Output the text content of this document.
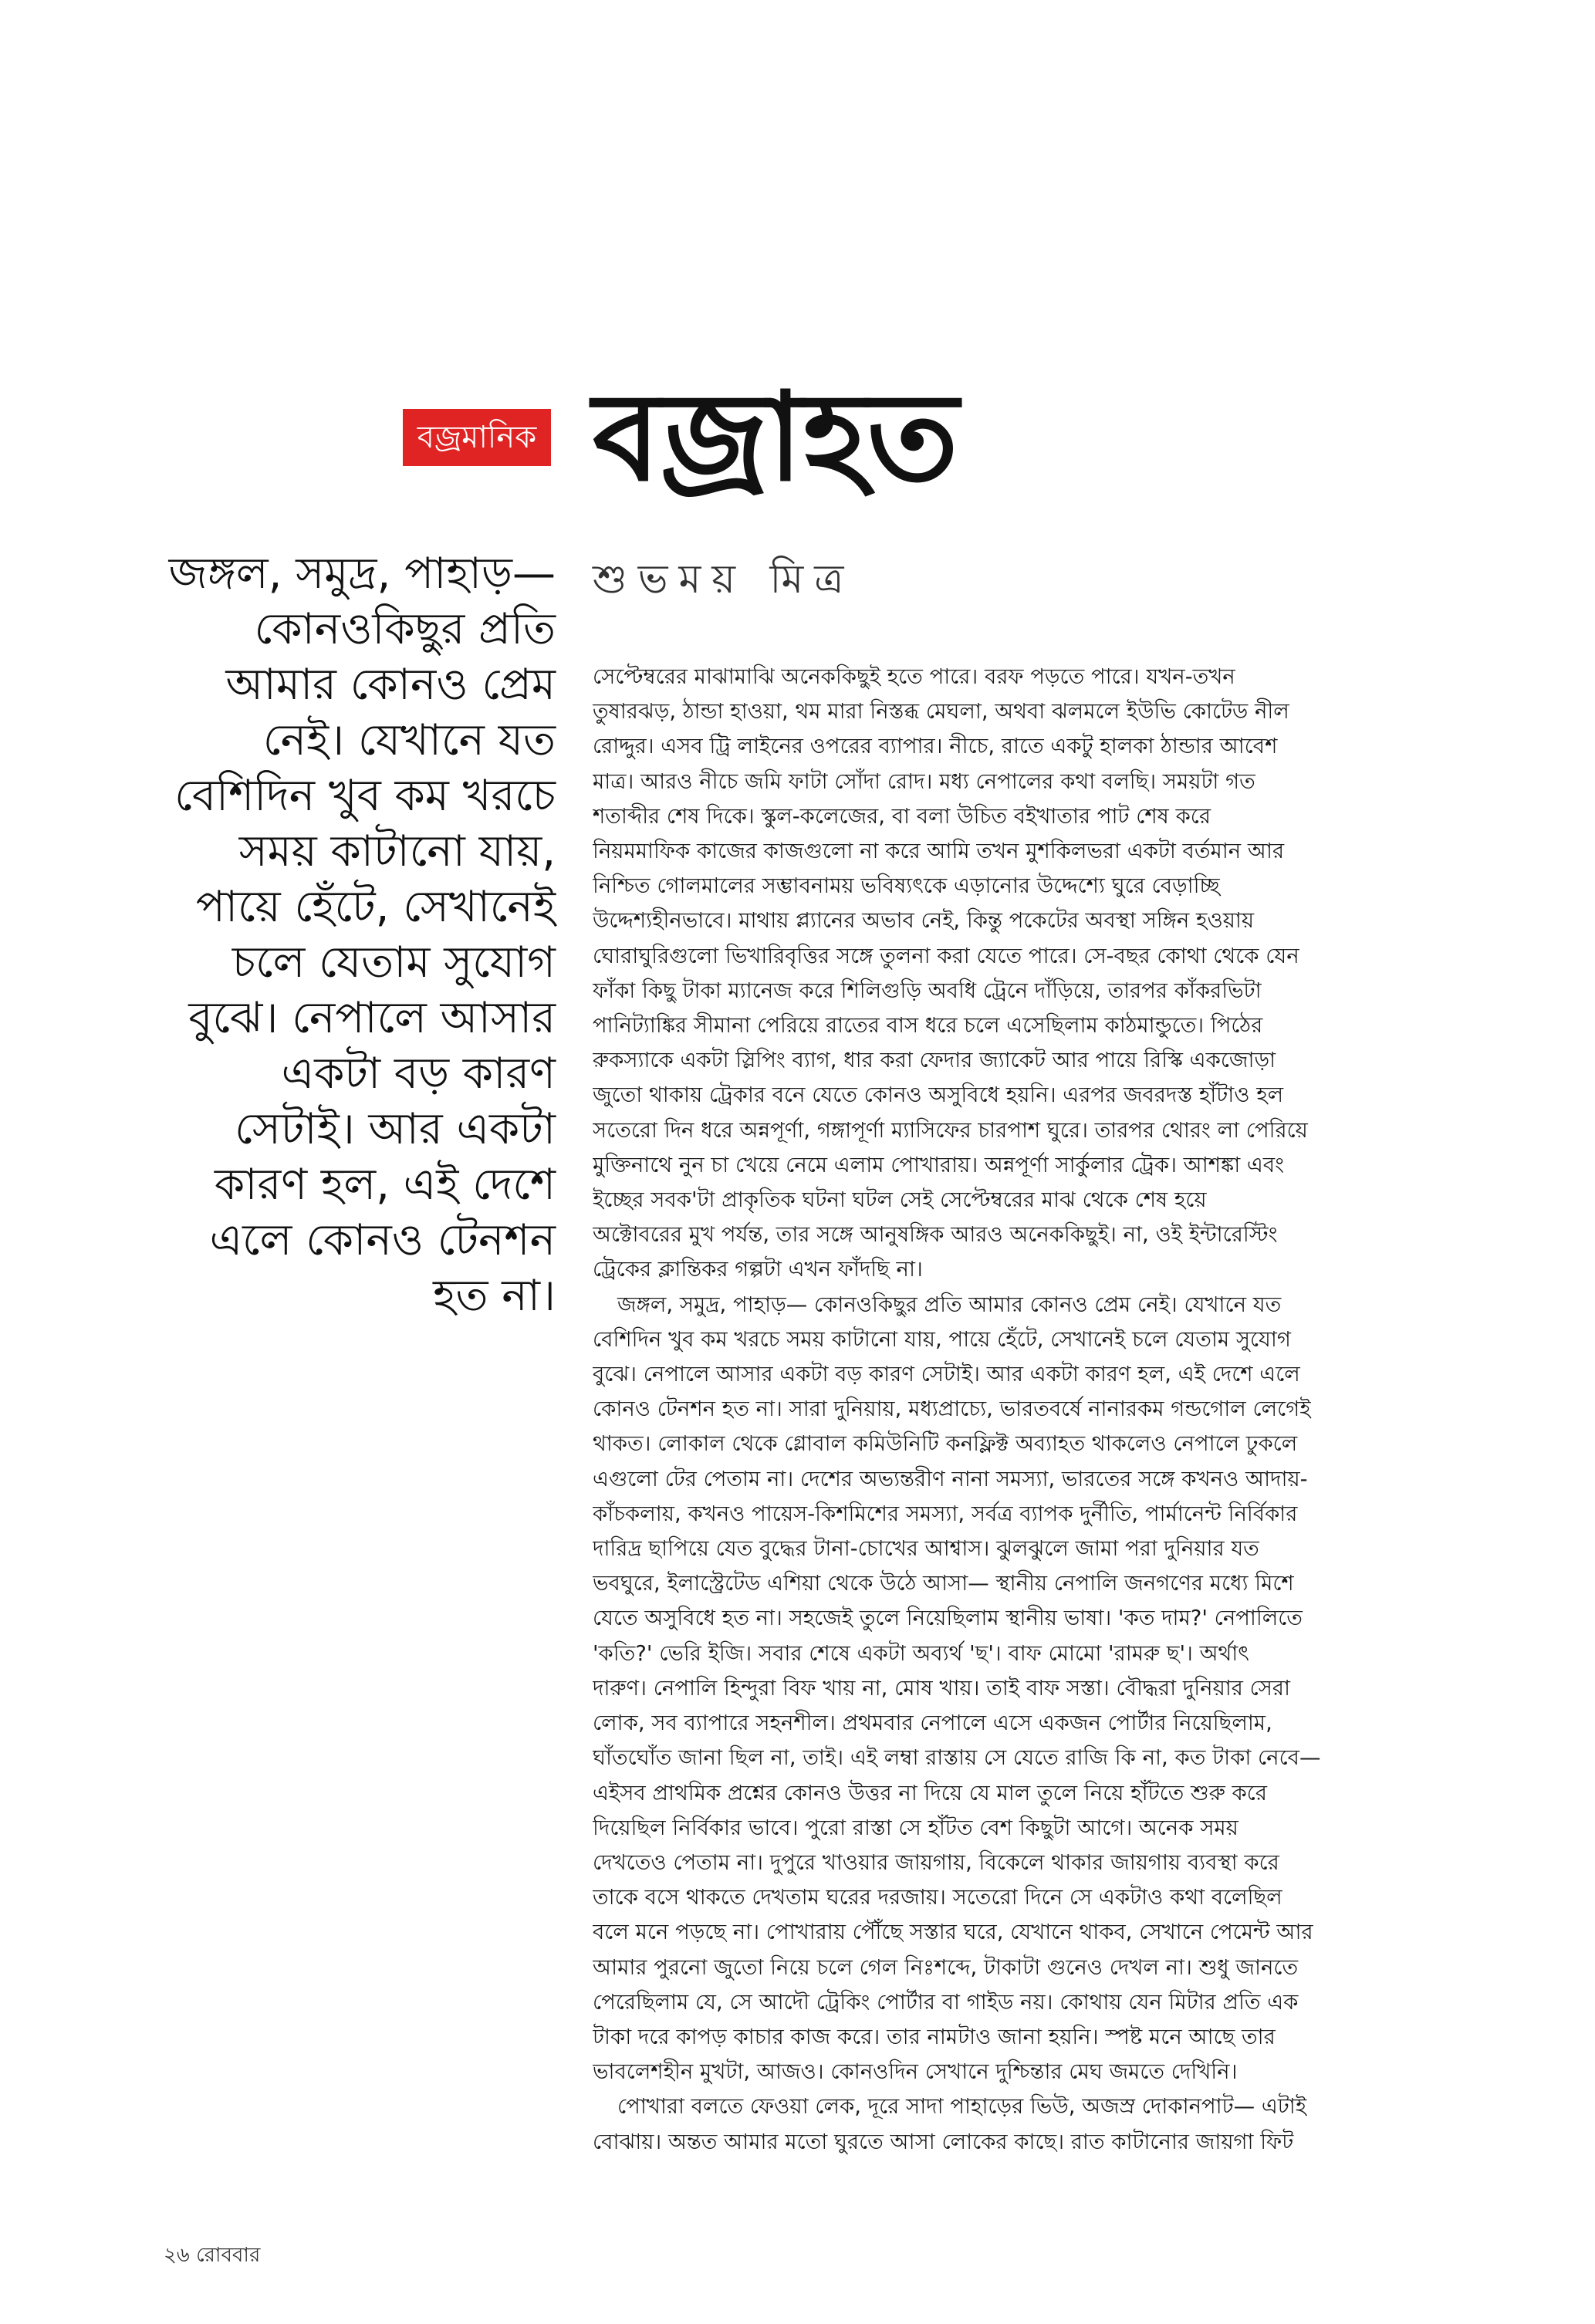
বজ্রমানিক বজ্রাহত
শুভময় মিত্র
জঙ্গল, সমুদ্র, পাহাড়—
কোনওকিছুর প্রতি
আমার কোনও প্রেম
নেই। যেখানে যত
বেশিদিন খুব কম খরচে
সময় কাটানো যায়,
পায়ে হেঁটে, সেখানেই
চলে যেতাম সুযোগ
বুঝে। নেপালে আসার
একটা বড় কারণ
সেটাই। আর একটা
কারণ হল, এই দেশে
এলে কোনও টেনশন
হত না।
সেপ্টেম্বরের মাঝামাঝি অনেককিছুই হতে পারে। বরফ পড়তে পারে। যখন-তখন
তুষারঝড়, ঠান্ডা হাওয়া, থম মারা নিস্তব্ধ মেঘলা, অথবা ঝলমলে ইউভি কোটেড নীল
রোদ্দুর। এসব ট্রি লাইনের ওপরের ব্যাপার। নীচে, রাতে একটু হালকা ঠান্ডার আবেশ
মাত্র। আরও নীচে জমি ফাটা সোঁদা রোদ। মধ্য নেপালের কথা বলছি। সময়টা গত
শতাব্দীর শেষ দিকে। স্কুল-কলেজের, বা বলা উচিত বইখাতার পাট শেষ করে
নিয়মমাফিক কাজের কাজগুলো না করে আমি তখন মুশকিলভরা একটা বর্তমান আর
নিশ্চিত গোলমালের সম্ভাবনাময় ভবিষ্যৎকে এড়ানোর উদ্দেশ্যে ঘুরে বেড়াচ্ছি
উদ্দেশ্যহীনভাবে। মাথায় প্ল্যানের অভাব নেই, কিন্তু পকেটের অবস্থা সঙ্গিন হওয়ায়
ঘোরাঘুরিগুলো ভিখারিবৃত্তির সঙ্গে তুলনা করা যেতে পারে। সে-বছর কোথা থেকে যেন
ফাঁকা কিছু টাকা ম্যানেজ করে শিলিগুড়ি অবধি ট্রেনে দাঁড়িয়ে, তারপর কাঁকরভিটা
পানিট্যাঙ্কির সীমানা পেরিয়ে রাতের বাস ধরে চলে এসেছিলাম কাঠমান্ডুতে। পিঠের
রুকস্যাকে একটা স্লিপিং ব্যাগ, ধার করা ফেদার জ্যাকেট আর পায়ে রিস্কি একজোড়া
জুতো থাকায় ট্রেকার বনে যেতে কোনও অসুবিধে হয়নি। এরপর জবরদস্ত হাঁটাও হল
সতেরো দিন ধরে অন্নপূর্ণা, গঙ্গাপূর্ণা ম্যাসিফের চারপাশ ঘুরে। তারপর থোরং লা পেরিয়ে
মুক্তিনাথে নুন চা খেয়ে নেমে এলাম পোখারায়। অন্নপূর্ণা সার্কুলার ট্রেক। আশঙ্কা এবং
ইচ্ছের সবক'টা প্রাকৃতিক ঘটনা ঘটল সেই সেপ্টেম্বরের মাঝ থেকে শেষ হয়ে
অক্টোবরের মুখ পর্যন্ত, তার সঙ্গে আনুষঙ্গিক আরও অনেককিছুই। না, ওই ইন্টারেস্টিং
ট্রেকের ক্লান্তিকর গল্পটা এখন ফাঁদছি না।
জঙ্গল, সমুদ্র, পাহাড়— কোনওকিছুর প্রতি আমার কোনও প্রেম নেই। যেখানে যত
বেশিদিন খুব কম খরচে সময় কাটানো যায়, পায়ে হেঁটে, সেখানেই চলে যেতাম সুযোগ
বুঝে। নেপালে আসার একটা বড় কারণ সেটাই। আর একটা কারণ হল, এই দেশে এলে
কোনও টেনশন হত না। সারা দুনিয়ায়, মধ্যপ্রাচ্যে, ভারতবর্ষে নানারকম গন্ডগোল লেগেই
থাকত। লোকাল থেকে গ্লোবাল কমিউনিটি কনফ্লিক্ট অব্যাহত থাকলেও নেপালে ঢুকলে
এগুলো টের পেতাম না। দেশের অভ্যন্তরীণ নানা সমস্যা, ভারতের সঙ্গে কখনও আদায়-
কাঁচকলায়, কখনও পায়েস-কিশমিশের সমস্যা, সর্বত্র ব্যাপক দুর্নীতি, পার্মানেন্ট নির্বিকার
দারিদ্র ছাপিয়ে যেত বুদ্ধের টানা-চোখের আশ্বাস। ঝুলঝুলে জামা পরা দুনিয়ার যত
ভবঘুরে, ইলাস্ট্রেটেড এশিয়া থেকে উঠে আসা— স্থানীয় নেপালি জনগণের মধ্যে মিশে
যেতে অসুবিধে হত না। সহজেই তুলে নিয়েছিলাম স্থানীয় ভাষা। 'কত দাম?' নেপালিতে
'কতি?' ভেরি ইজি। সবার শেষে একটা অব্যর্থ 'ছ'। বাফ মোমো 'রামরু ছ'। অর্থাৎ
দারুণ। নেপালি হিন্দুরা বিফ খায় না, মোষ খায়। তাই বাফ সস্তা। বৌদ্ধরা দুনিয়ার সেরা
লোক, সব ব্যাপারে সহনশীল। প্রথমবার নেপালে এসে একজন পোর্টার নিয়েছিলাম,
ঘাঁতঘোঁত জানা ছিল না, তাই। এই লম্বা রাস্তায় সে যেতে রাজি কি না, কত টাকা নেবে—
এইসব প্রাথমিক প্রশ্নের কোনও উত্তর না দিয়ে যে মাল তুলে নিয়ে হাঁটতে শুরু করে
দিয়েছিল নির্বিকার ভাবে। পুরো রাস্তা সে হাঁটত বেশ কিছুটা আগে। অনেক সময়
দেখতেও পেতাম না। দুপুরে খাওয়ার জায়গায়, বিকেলে থাকার জায়গায় ব্যবস্থা করে
তাকে বসে থাকতে দেখতাম ঘরের দরজায়। সতেরো দিনে সে একটাও কথা বলেছিল
বলে মনে পড়ছে না। পোখারায় পৌঁছে সস্তার ঘরে, যেখানে থাকব, সেখানে পেমেন্ট আর
আমার পুরনো জুতো নিয়ে চলে গেল নিঃশব্দে, টাকাটা গুনেও দেখল না। শুধু জানতে
পেরেছিলাম যে, সে আদৌ ট্রেকিং পোর্টার বা গাইড নয়। কোথায় যেন মিটার প্রতি এক
টাকা দরে কাপড় কাচার কাজ করে। তার নামটাও জানা হয়নি। স্পষ্ট মনে আছে তার
ভাবলেশহীন মুখটা, আজও। কোনওদিন সেখানে দুশ্চিন্তার মেঘ জমতে দেখিনি।
পোখারা বলতে ফেওয়া লেক, দূরে সাদা পাহাড়ের ভিউ, অজস্র দোকানপাট— এটাই
বোঝায়। অন্তত আমার মতো ঘুরতে আসা লোকের কাছে। রাত কাটানোর জায়গা ফিট
২৬ রোববার
